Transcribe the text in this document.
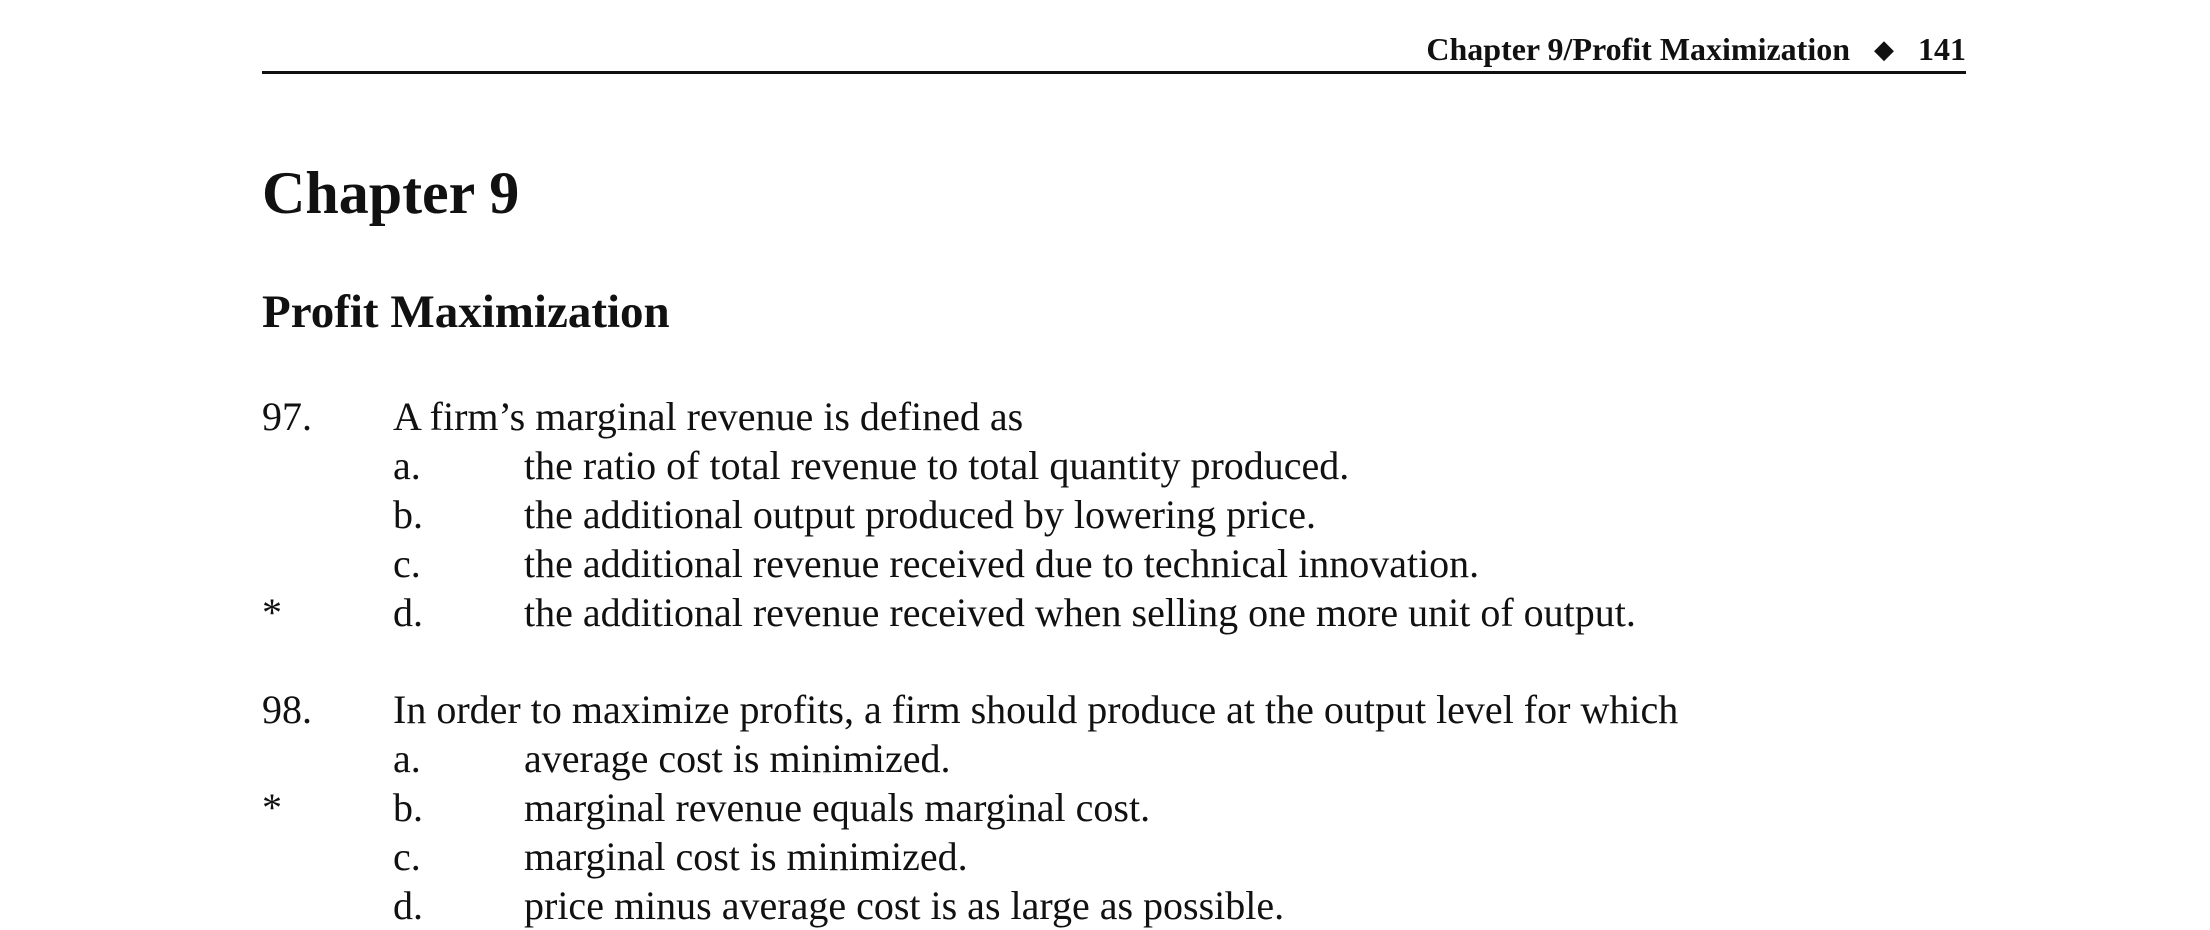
Chapter 9/Profit Maximization ◆ 141
Chapter 9
Profit Maximization
97. A firm’s marginal revenue is defined as
a.	the ratio of total revenue to total quantity produced.
b.	the additional output produced by lowering price.
c.	the additional revenue received due to technical innovation.
*	d.	the additional revenue received when selling one more unit of output.
98. In order to maximize profits, a firm should produce at the output level for which
a.	average cost is minimized.
*	b.	marginal revenue equals marginal cost.
c.	marginal cost is minimized.
d.	price minus average cost is as large as possible.
